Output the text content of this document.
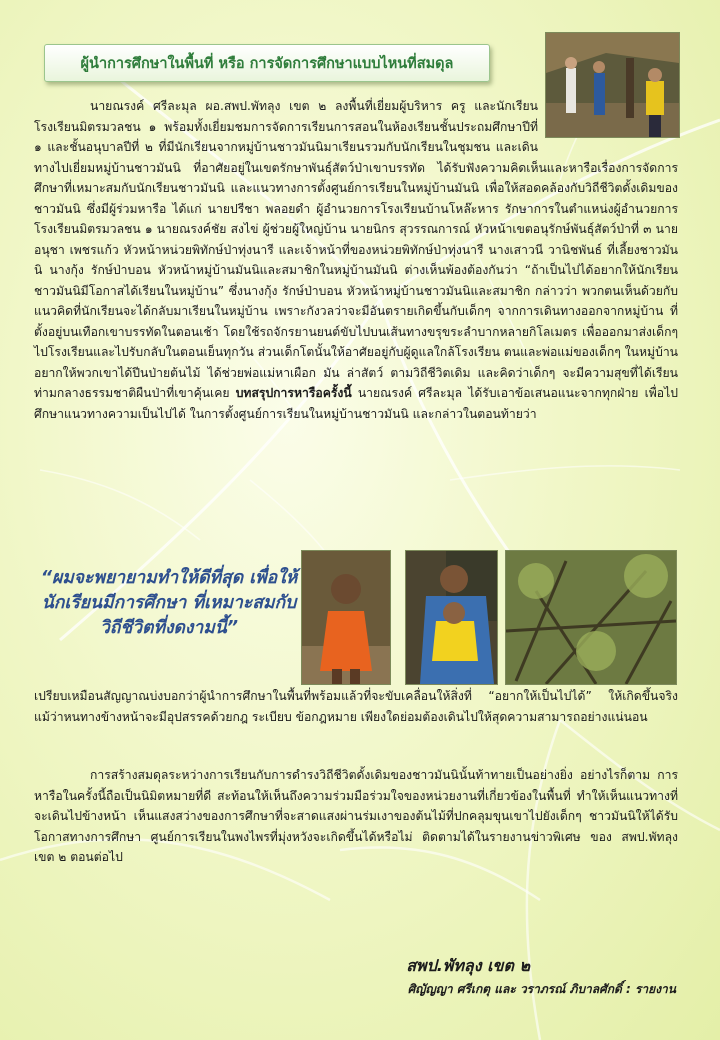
ผู้นำการศึกษาในพื้นที่ หรือ การจัดการศึกษาแบบไหนที่สมดุล

นายณรงค์ ศรีละมุล ผอ.สพป.พัทลุง เขต ๒ ลงพื้นที่เยี่ยมผู้บริหาร ครู และนักเรียน โรงเรียนมิตรมวลชน ๑ พร้อมทั้งเยี่ยมชมการจัดการเรียนการสอนในห้องเรียนชั้นประถมศึกษาปีที่ ๑ และชั้นอนุบาลปีที่ ๒ ที่มีนักเรียนจากหมู่บ้านชาวมันนิมาเรียนรวมกับนักเรียนในชุมชน และเดินทางไปเยี่ยมหมู่บ้านชาวมันนิ ที่อาศัยอยู่ในเขตรักษาพันธุ์สัตว์ป่าเขาบรรทัด ได้รับฟังความคิดเห็นและหารือเรื่องการจัดการศึกษาที่เหมาะสมกับนักเรียนชาวมันนิ และแนวทางการตั้งศูนย์การเรียนในหมู่บ้านมันนิ เพื่อให้สอดคล้องกับวิถีชีวิตดั้งเดิมของชาวมันนิ ซึ่งมีผู้ร่วมหารือ ได้แก่ นายปรีชา พลอยดำ ผู้อำนวยการโรงเรียนบ้านโหล๊ะหาร รักษาการในตำแหน่งผู้อำนวยการโรงเรียนมิตรมวลชน ๑ นายณรงค์ชัย สงไข่ ผู้ช่วยผู้ใหญ่บ้าน นายนิกร สุวรรณการณ์ หัวหน้าเขตอนุรักษ์พันธุ์สัตว์ป่าที่ ๓ นายอนุชา เพชรแก้ว หัวหน้าหน่วยพิทักษ์ป่าทุ่งนารี และเจ้าหน้าที่ของหน่วยพิทักษ์ป่าทุ่งนารี นางเสาวนี วานิชพันธ์ ที่เลี้ยงชาวมันนิ นางกุ้ง รักษ์ป่าบอน หัวหน้าหมู่บ้านมันนิและสมาชิกในหมู่บ้านมันนิ ต่างเห็นพ้องต้องกันว่า “ถ้าเป็นไปได้อยากให้นักเรียนชาวมันนิมีโอกาสได้เรียนในหมู่บ้าน” ซึ่งนางกุ้ง รักษ์ป่าบอน หัวหน้าหมู่บ้านชาวมันนิและสมาชิก กล่าวว่า พวกตนเห็นด้วยกับแนวคิดที่นักเรียนจะได้กลับมาเรียนในหมู่บ้าน เพราะกังวลว่าจะมีอันตรายเกิดขึ้นกับเด็กๆ จากการเดินทางออกจากหมู่บ้าน ที่ตั้งอยู่บนเทือกเขาบรรทัดในตอนเช้า โดยใช้รถจักรยานยนต์ขับไปบนเส้นทางขรุขระลำบากหลายกิโลเมตร เพื่อออกมาส่งเด็กๆ ไปโรงเรียนและไปรับกลับในตอนเย็นทุกวัน ส่วนเด็กโตนั้นให้อาศัยอยู่กับผู้ดูแลใกล้โรงเรียน ตนและพ่อแม่ของเด็กๆ ในหมู่บ้าน อยากให้พวกเขาได้ปีนป่ายต้นไม้ ได้ช่วยพ่อแม่หาเผือก มัน ล่าสัตว์ ตามวิถีชีวิตเดิม และคิดว่าเด็กๆ จะมีความสุขที่ได้เรียนท่ามกลางธรรมชาติผืนป่าที่เขาคุ้นเคย บทสรุปการหารือครั้งนี้ นายณรงค์ ศรีละมุล ได้รับเอาข้อเสนอแนะจากทุกฝ่าย เพื่อไปศึกษาแนวทางความเป็นไปได้ ในการตั้งศูนย์การเรียนในหมู่บ้านชาวมันนิ และกล่าวในตอนท้ายว่า

“ผมจะพยายามทำให้ดีที่สุด เพื่อให้นักเรียนมีการศึกษา ที่เหมาะสมกับวิถีชีวิตที่งดงามนี้”

เปรียบเหมือนสัญญาณบ่งบอกว่าผู้นำการศึกษาในพื้นที่พร้อมแล้วที่จะขับเคลื่อนให้สิ่งที่ “อยากให้เป็นไปได้” ให้เกิดขึ้นจริง แม้ว่าหนทางข้างหน้าจะมีอุปสรรคด้วยกฎ ระเบียบ ข้อกฎหมาย เพียงใดย่อมต้องเดินไปให้สุดความสามารถอย่างแน่นอน

การสร้างสมดุลระหว่างการเรียนกับการดำรงวิถีชีวิตดั้งเดิมของชาวมันนินั้นท้าทายเป็นอย่างยิ่ง อย่างไรก็ตาม การหารือในครั้งนี้ถือเป็นนิมิตหมายที่ดี สะท้อนให้เห็นถึงความร่วมมือร่วมใจของหน่วยงานที่เกี่ยวข้องในพื้นที่ ทำให้เห็นแนวทางที่จะเดินไปข้างหน้า เห็นแสงสว่างของการศึกษาที่จะสาดแสงผ่านร่มเงาของต้นไม้ที่ปกคลุมขุนเขาไปยังเด็กๆ ชาวมันนิให้ได้รับโอกาสทางการศึกษา ศูนย์การเรียนในพงไพรที่มุ่งหวังจะเกิดขึ้นได้หรือไม่ ติดตามได้ในรายงานข่าวพิเศษ ของ สพป.พัทลุง เขต ๒ ตอนต่อไป

สพป.พัทลุง เขต ๒
ศิญัญญา ศรีเกตุ และ วราภรณ์ ภิบาลศักดิ์ : รายงาน
